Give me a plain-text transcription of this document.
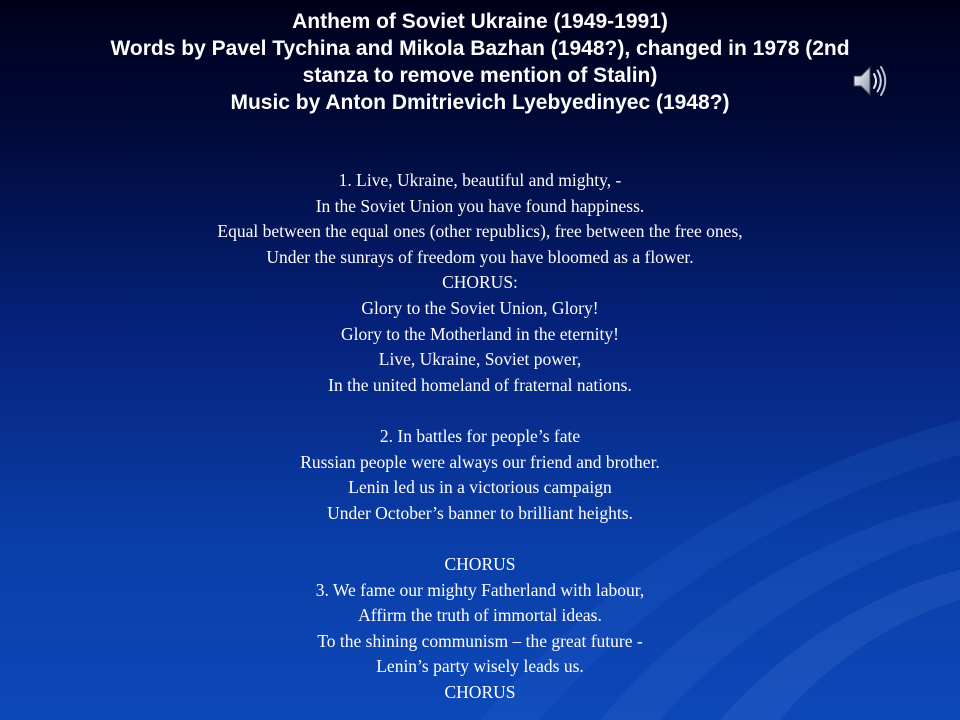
Anthem of Soviet Ukraine (1949-1991)
Words by Pavel Tychina and Mikola Bazhan (1948?), changed in 1978 (2nd
stanza to remove mention of Stalin)
Music by Anton Dmitrievich Lyebyedinyec (1948?)
1. Live, Ukraine, beautiful and mighty, -
In the Soviet Union you have found happiness.
Equal between the equal ones (other republics), free between the free ones,
Under the sunrays of freedom you have bloomed as a flower.
CHORUS:
Glory to the Soviet Union, Glory!
Glory to the Motherland in the eternity!
Live, Ukraine, Soviet power,
In the united homeland of fraternal nations.
2. In battles for people’s fate
Russian people were always our friend and brother.
Lenin led us in a victorious campaign
Under October’s banner to brilliant heights.
CHORUS
3. We fame our mighty Fatherland with labour,
Affirm the truth of immortal ideas.
To the shining communism – the great future -
Lenin’s party wisely leads us.
CHORUS
